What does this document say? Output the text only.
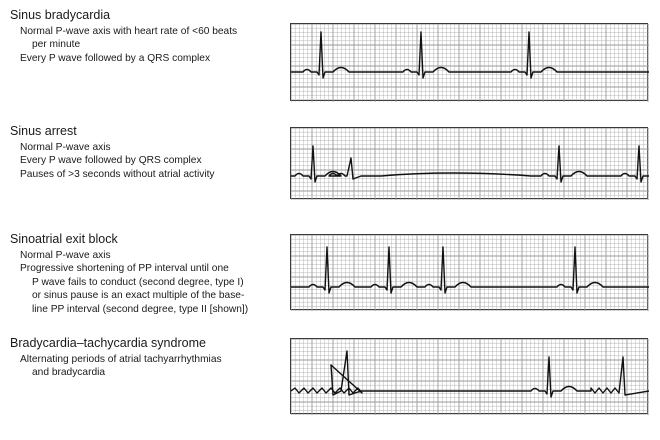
Sinus bradycardia
Normal P-wave axis with heart rate of <60 beats
per minute
Every P wave followed by a QRS complex
Sinus arrest
Normal P-wave axis
Every P wave followed by QRS complex
Pauses of >3 seconds without atrial activity
Sinoatrial exit block
Normal P-wave axis
Progressive shortening of PP interval until one
P wave fails to conduct (second degree, type I)
or sinus pause is an exact multiple of the base-
line PP interval (second degree, type II [shown])
Bradycardia–tachycardia syndrome
Alternating periods of atrial tachyarrhythmias
and bradycardia
